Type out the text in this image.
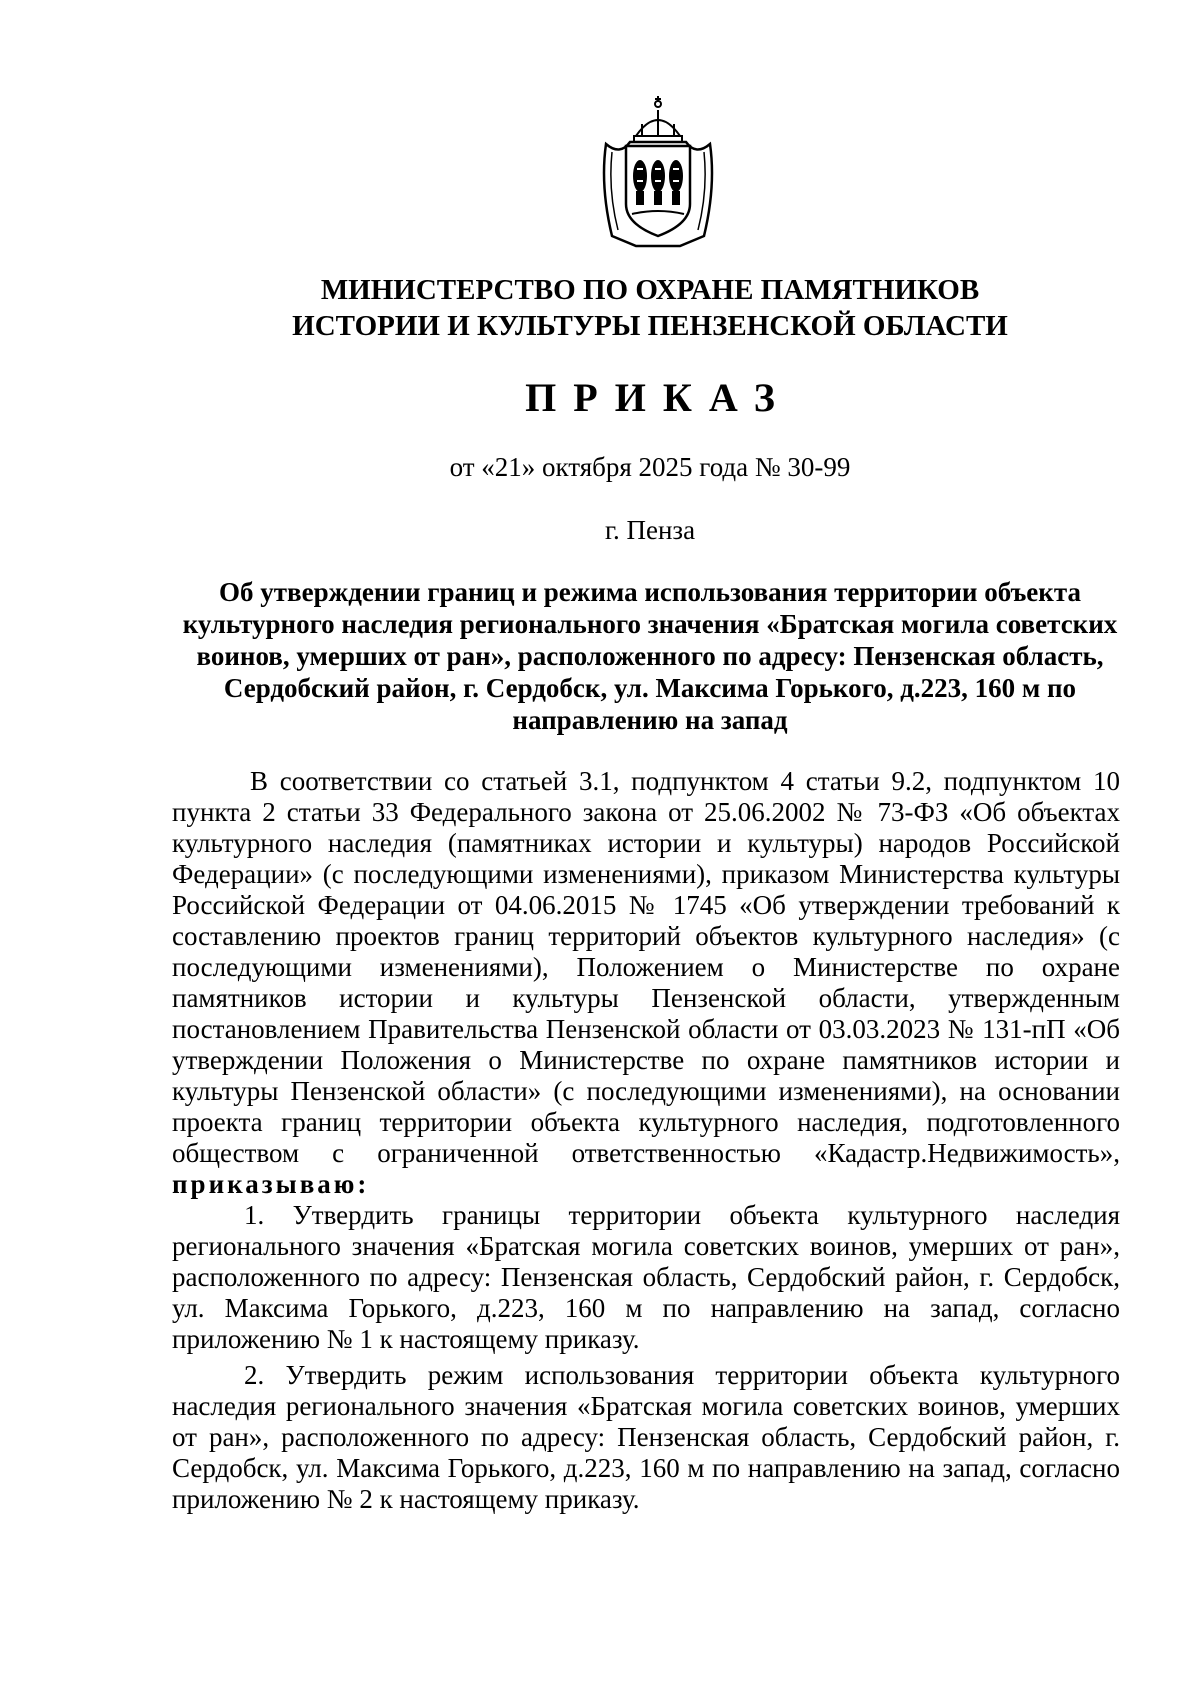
МИНИСТЕРСТВО ПО ОХРАНЕ ПАМЯТНИКОВ
ИСТОРИИ И КУЛЬТУРЫ ПЕНЗЕНСКОЙ ОБЛАСТИ
ПРИКАЗ
от «21» октября 2025 года № 30-99
г. Пенза
Об утверждении границ и режима использования территории объекта культурного наследия регионального значения «Братская могила советских воинов, умерших от ран», расположенного по адресу: Пензенская область, Сердобский район, г. Сердобск, ул. Максима Горького, д.223, 160 м по направлению на запад

В соответствии со статьей 3.1, подпунктом 4 статьи 9.2, подпунктом 10 пункта 2 статьи 33 Федерального закона от 25.06.2002 № 73-ФЗ «Об объектах культурного наследия (памятниках истории и культуры) народов Российской Федерации» (с последующими изменениями), приказом Министерства культуры Российской Федерации от 04.06.2015 № 1745 «Об утверждении требований к составлению проектов границ территорий объектов культурного наследия» (с последующими изменениями), Положением о Министерстве по охране памятников истории и культуры Пензенской области, утвержденным постановлением Правительства Пензенской области от 03.03.2023 № 131-пП «Об утверждении Положения о Министерстве по охране памятников истории и культуры Пензенской области» (с последующими изменениями), на основании проекта границ территории объекта культурного наследия, подготовленного обществом с ограниченной ответственностью «Кадастр.Недвижимость», приказываю:

1. Утвердить границы территории объекта культурного наследия регионального значения «Братская могила советских воинов, умерших от ран», расположенного по адресу: Пензенская область, Сердобский район, г. Сердобск, ул. Максима Горького, д.223, 160 м по направлению на запад, согласно приложению № 1 к настоящему приказу.

2. Утвердить режим использования территории объекта культурного наследия регионального значения «Братская могила советских воинов, умерших от ран», расположенного по адресу: Пензенская область, Сердобский район, г. Сердобск, ул. Максима Горького, д.223, 160 м по направлению на запад, согласно приложению № 2 к настоящему приказу.
